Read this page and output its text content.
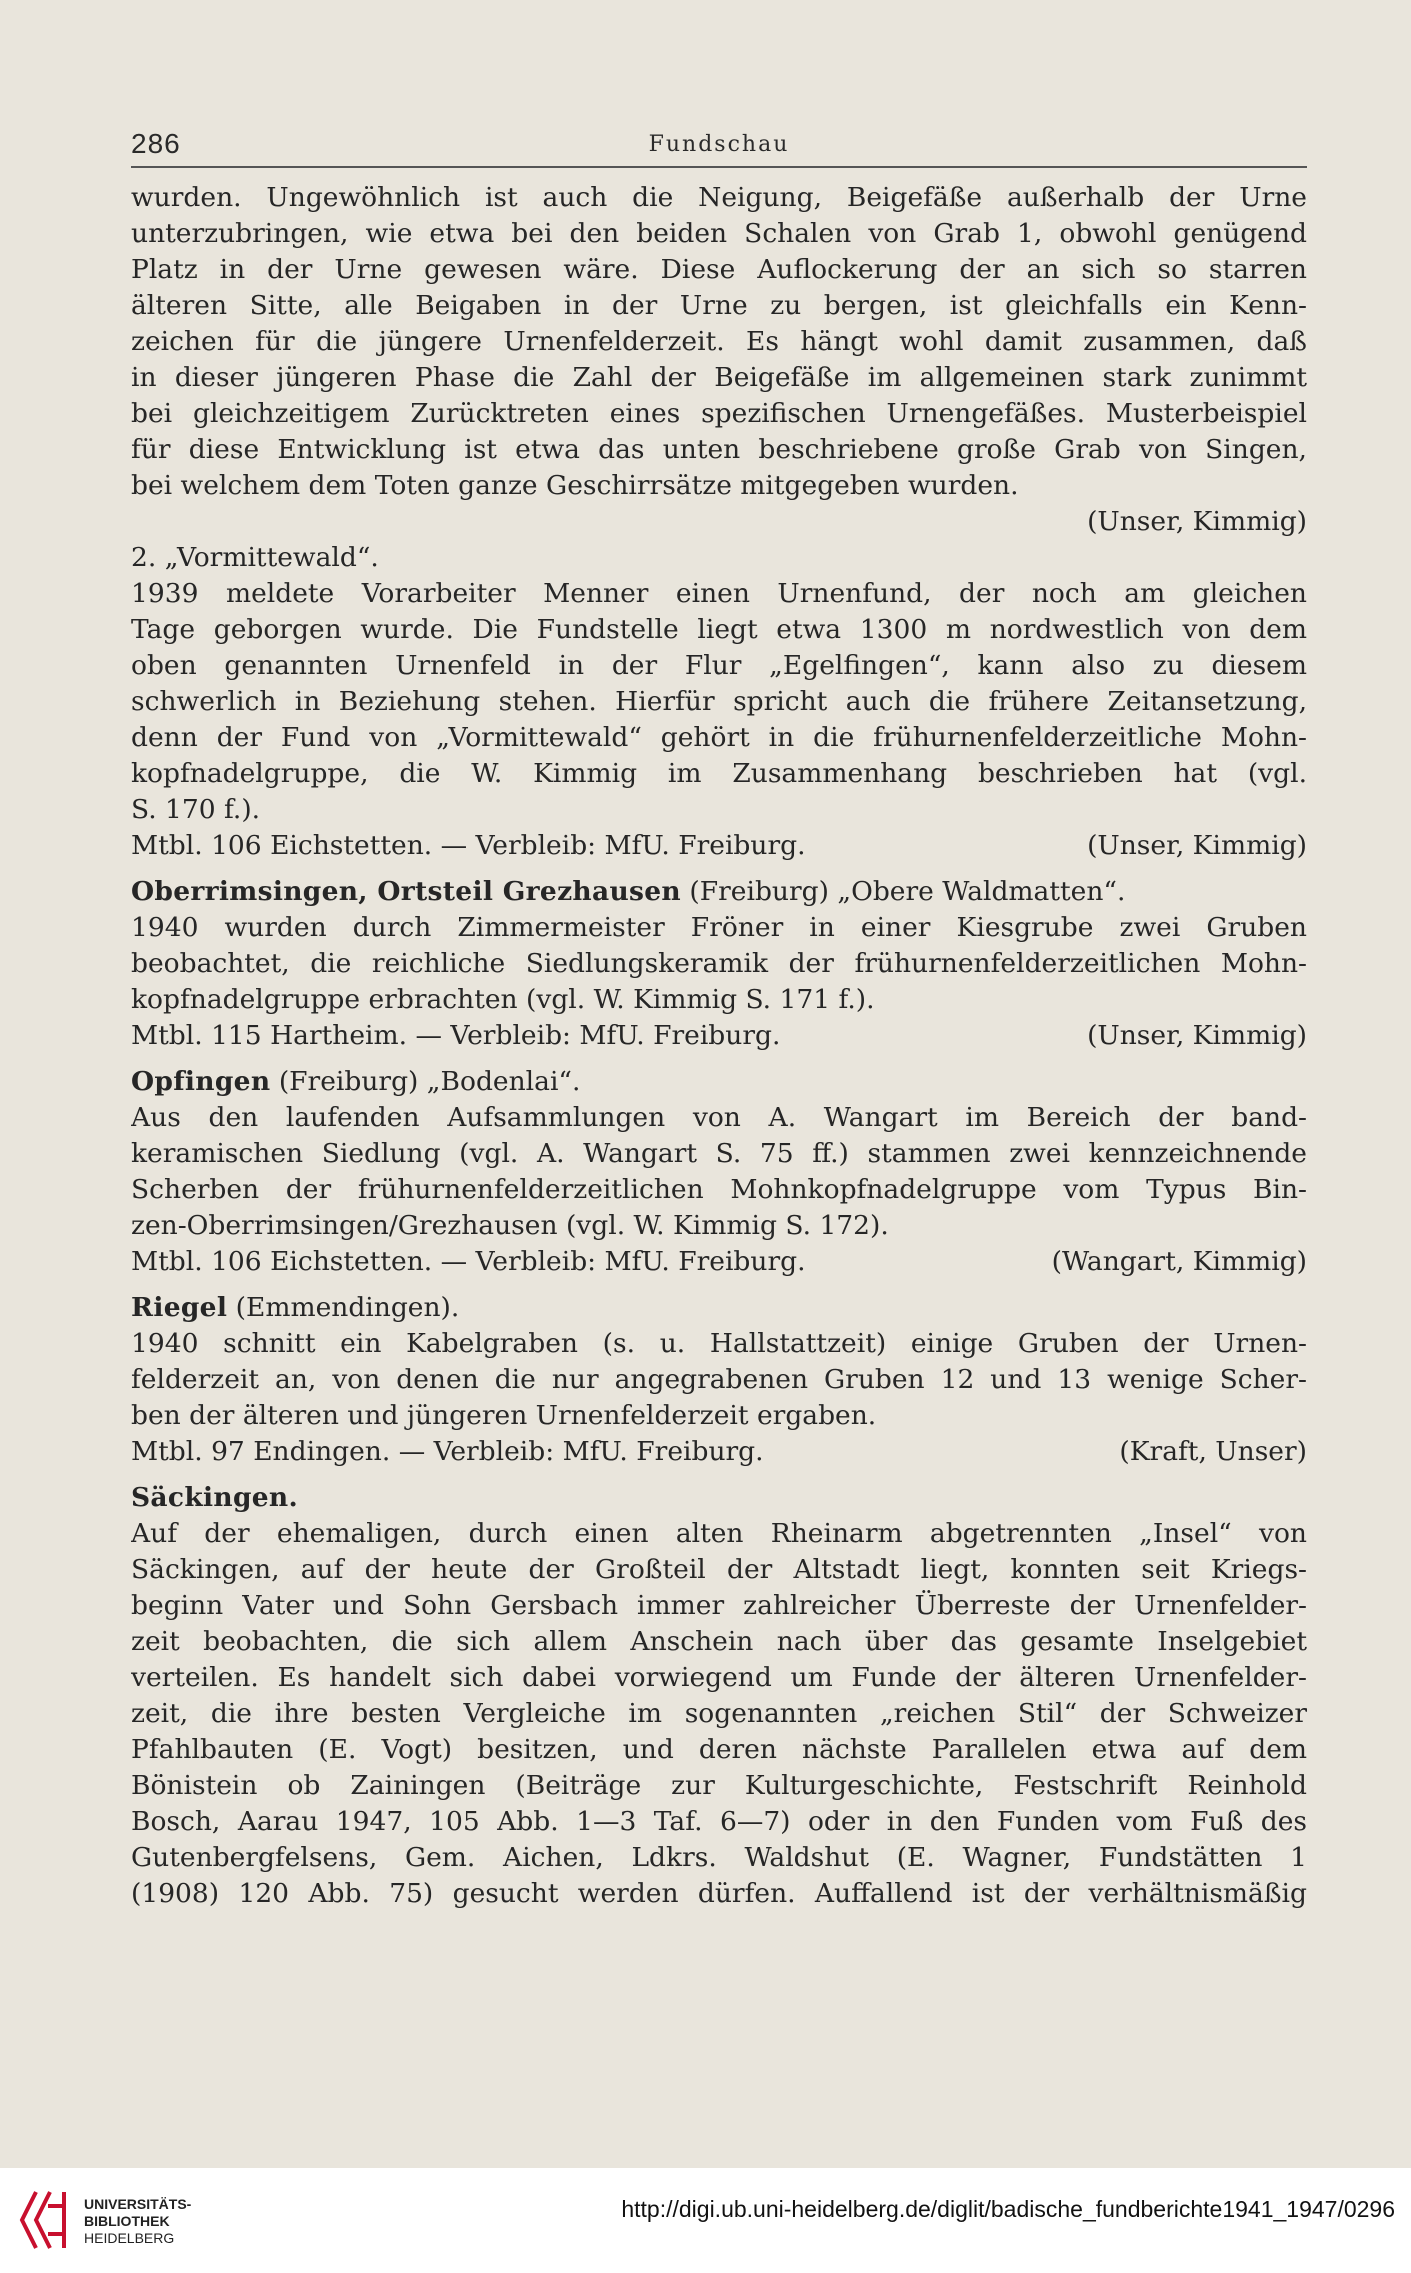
286	Fundschau
wurden. Ungewöhnlich ist auch die Neigung, Beigefäße außerhalb der Urne
unterzubringen, wie etwa bei den beiden Schalen von Grab 1, obwohl genügend
Platz in der Urne gewesen wäre. Diese Auflockerung der an sich so starren
älteren Sitte, alle Beigaben in der Urne zu bergen, ist gleichfalls ein Kenn-
zeichen für die jüngere Urnenfelderzeit. Es hängt wohl damit zusammen, daß
in dieser jüngeren Phase die Zahl der Beigefäße im allgemeinen stark zunimmt
bei gleichzeitigem Zurücktreten eines spezifischen Urnengefäßes. Musterbeispiel
für diese Entwicklung ist etwa das unten beschriebene große Grab von Singen,
bei welchem dem Toten ganze Geschirrsätze mitgegeben wurden.
(Unser, Kimmig)
2. „Vormittewald“.
1939 meldete Vorarbeiter Menner einen Urnenfund, der noch am gleichen
Tage geborgen wurde. Die Fundstelle liegt etwa 1300 m nordwestlich von dem
oben genannten Urnenfeld in der Flur „Egelfingen“, kann also zu diesem
schwerlich in Beziehung stehen. Hierfür spricht auch die frühere Zeitansetzung,
denn der Fund von „Vormittewald“ gehört in die frühurnenfelderzeitliche Mohn-
kopfnadelgruppe, die W. Kimmig im Zusammenhang beschrieben hat (vgl.
S. 170 f.).
Mtbl. 106 Eichstetten. — Verbleib: MfU. Freiburg.	(Unser, Kimmig)
Oberrimsingen, Ortsteil Grezhausen (Freiburg) „Obere Waldmatten“.
1940 wurden durch Zimmermeister Fröner in einer Kiesgrube zwei Gruben
beobachtet, die reichliche Siedlungskeramik der frühurnenfelderzeitlichen Mohn-
kopfnadelgruppe erbrachten (vgl. W. Kimmig S. 171 f.).
Mtbl. 115 Hartheim. — Verbleib: MfU. Freiburg.	(Unser, Kimmig)
Opfingen (Freiburg) „Bodenlai“.
Aus den laufenden Aufsammlungen von A. Wangart im Bereich der band-
keramischen Siedlung (vgl. A. Wangart S. 75 ff.) stammen zwei kennzeichnende
Scherben der frühurnenfelderzeitlichen Mohnkopfnadelgruppe vom Typus Bin-
zen-Oberrimsingen/Grezhausen (vgl. W. Kimmig S. 172).
Mtbl. 106 Eichstetten. — Verbleib: MfU. Freiburg.	(Wangart, Kimmig)
Riegel (Emmendingen).
1940 schnitt ein Kabelgraben (s. u. Hallstattzeit) einige Gruben der Urnen-
felderzeit an, von denen die nur angegrabenen Gruben 12 und 13 wenige Scher-
ben der älteren und jüngeren Urnenfelderzeit ergaben.
Mtbl. 97 Endingen. — Verbleib: MfU. Freiburg.	(Kraft, Unser)
Säckingen.
Auf der ehemaligen, durch einen alten Rheinarm abgetrennten „Insel“ von
Säckingen, auf der heute der Großteil der Altstadt liegt, konnten seit Kriegs-
beginn Vater und Sohn Gersbach immer zahlreicher Überreste der Urnenfelder-
zeit beobachten, die sich allem Anschein nach über das gesamte Inselgebiet
verteilen. Es handelt sich dabei vorwiegend um Funde der älteren Urnenfelder-
zeit, die ihre besten Vergleiche im sogenannten „reichen Stil“ der Schweizer
Pfahlbauten (E. Vogt) besitzen, und deren nächste Parallelen etwa auf dem
Bönistein ob Zainingen (Beiträge zur Kulturgeschichte, Festschrift Reinhold
Bosch, Aarau 1947, 105 Abb. 1—3 Taf. 6—7) oder in den Funden vom Fuß des
Gutenbergfelsens, Gem. Aichen, Ldkrs. Waldshut (E. Wagner, Fundstätten 1
(1908) 120 Abb. 75) gesucht werden dürfen. Auffallend ist der verhältnismäßig
UNIVERSITÄTS-
BIBLIOTHEK
HEIDELBERG
http://digi.ub.uni-heidelberg.de/diglit/badische_fundberichte1941_1947/0296
